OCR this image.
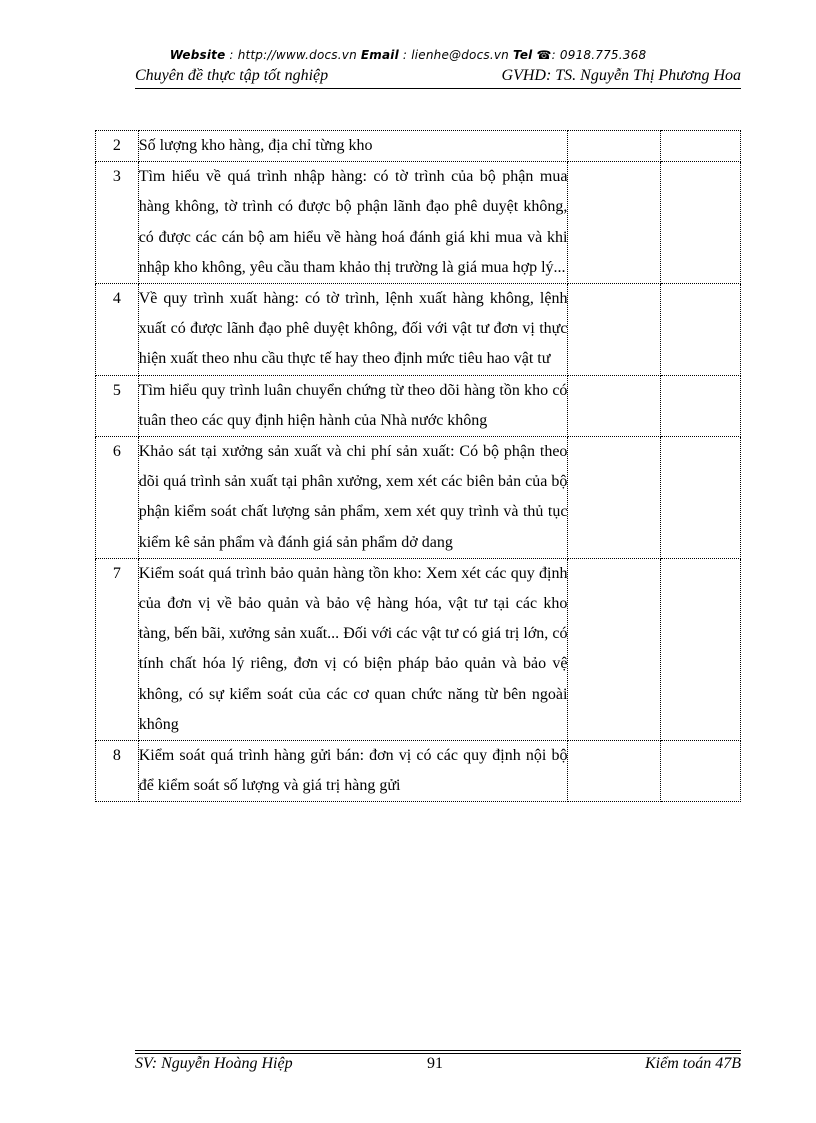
Website : http://www.docs.vn Email : lienhe@docs.vn Tel ☎: 0918.775.368
Chuyên đề thực tập tốt nghiệp	GVHD: TS. Nguyễn Thị Phương Hoa
2	Số lượng kho hàng, địa chỉ từng kho		
3	Tìm hiểu về quá trình nhập hàng: có tờ trình của bộ phận mua hàng không, tờ trình có được bộ phận lãnh đạo phê duyệt không, có được các cán bộ am hiểu về hàng hoá đánh giá khi mua và khi nhập kho không, yêu cầu tham khảo thị trường là giá mua hợp lý...		
4	Về quy trình xuất hàng: có tờ trình, lệnh xuất hàng không, lệnh xuất có được lãnh đạo phê duyệt không, đối với vật tư đơn vị thực hiện xuất theo nhu cầu thực tế hay theo định mức tiêu hao vật tư		
5	Tìm hiểu quy trình luân chuyển chứng từ theo dõi hàng tồn kho có tuân theo các quy định hiện hành của Nhà nước không		
6	Khảo sát tại xưởng sản xuất và chi phí sản xuất: Có bộ phận theo dõi quá trình sản xuất tại phân xưởng, xem xét các biên bản của bộ phận kiểm soát chất lượng sản phẩm, xem xét quy trình và thủ tục kiểm kê sản phẩm và đánh giá sản phẩm dở dang		
7	Kiểm soát quá trình bảo quản hàng tồn kho: Xem xét các quy định của đơn vị về bảo quản và bảo vệ hàng hóa, vật tư tại các kho tàng, bến bãi, xưởng sản xuất... Đối với các vật tư có giá trị lớn, có tính chất hóa lý riêng, đơn vị có biện pháp bảo quản và bảo vệ không, có sự kiểm soát của các cơ quan chức năng từ bên ngoài không		
8	Kiểm soát quá trình hàng gửi bán: đơn vị có các quy định nội bộ để kiểm soát số lượng và giá trị hàng gửi		
SV: Nguyễn Hoàng Hiệp	91	Kiểm toán 47B
